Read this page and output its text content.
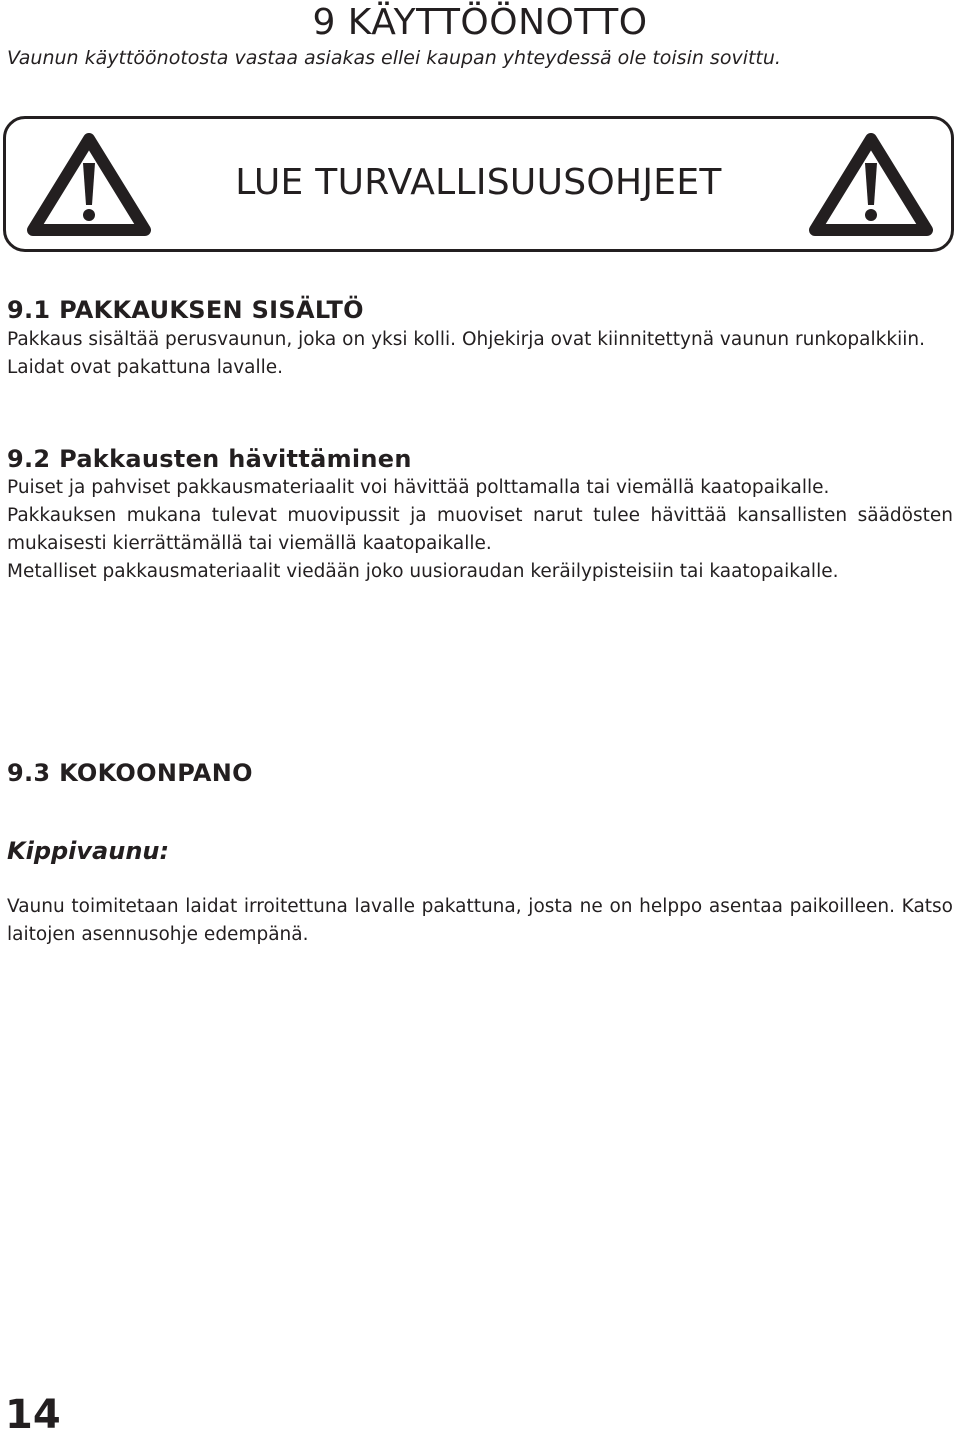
9 KÄYTTÖÖNOTTO
Vaunun käyttöönotosta vastaa asiakas ellei kaupan yhteydessä ole toisin sovittu.
LUE TURVALLISUUSOHJEET
9.1 PAKKAUKSEN SISÄLTÖ

Pakkaus sisältää perusvaunun, joka on yksi kolli. Ohjekirja ovat kiinnitettynä vaunun runkopalkkiin.

Laidat ovat pakattuna lavalle.

9.2 Pakkausten hävittäminen

Puiset ja pahviset pakkausmateriaalit voi hävittää polttamalla tai viemällä kaatopaikalle.

Pakkauksen mukana tulevat muovipussit ja muoviset narut tulee hävittää kansallisten säädösten mukaisesti kierrättämällä tai viemällä kaatopaikalle.

Metalliset pakkausmateriaalit viedään joko uusioraudan keräilypisteisiin tai kaatopaikalle.

9.3 KOKOONPANO
Kippivaunu:
Vaunu toimitetaan laidat irroitettuna lavalle pakattuna, josta ne on helppo asentaa paikoilleen. Katso laitojen asennusohje edempänä.
14
